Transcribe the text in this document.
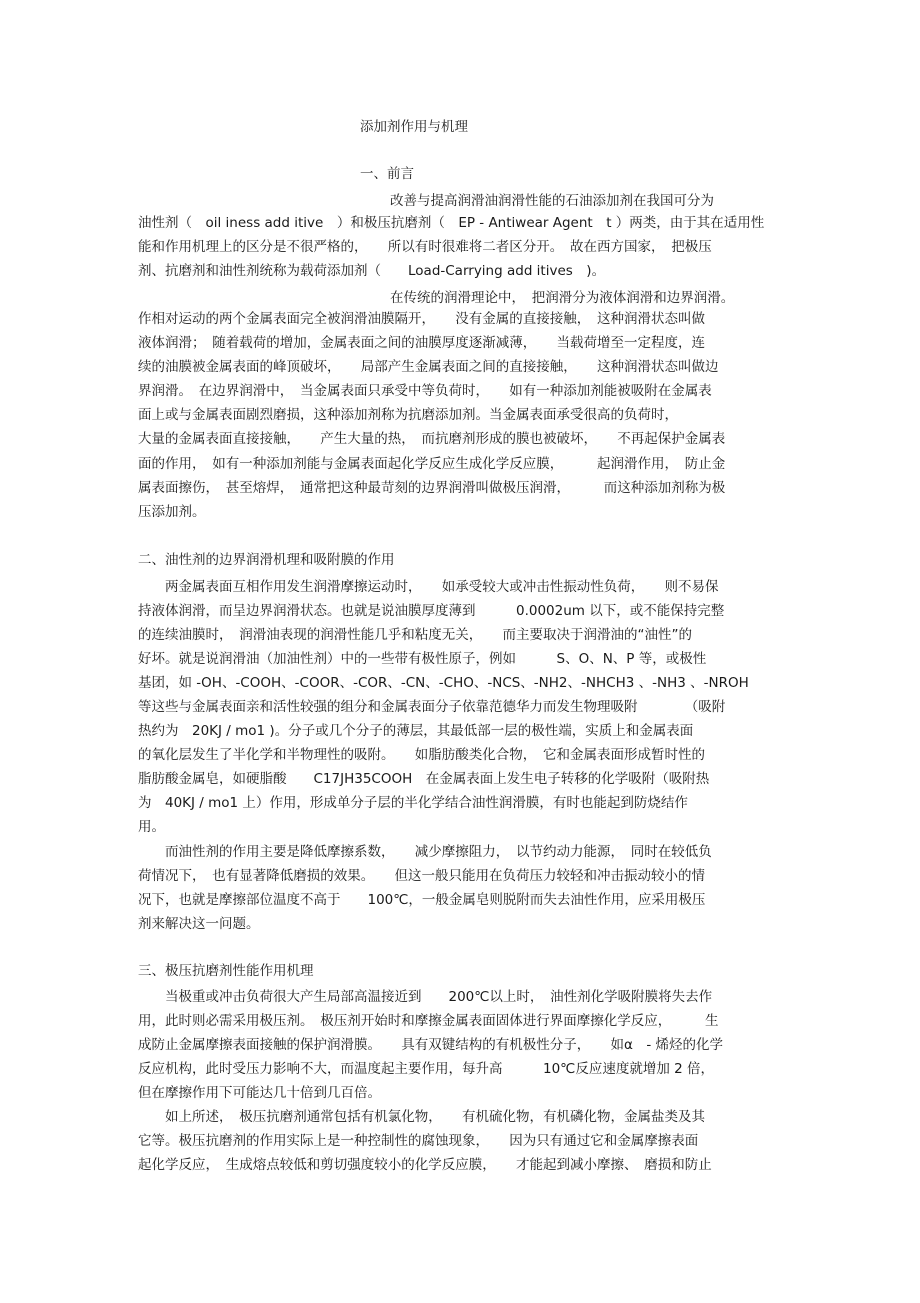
添加剂作用与机理
一、前言

改善与提高润滑油润滑性能的石油添加剂在我国可分为

油性剂（　oil iness add itive　）和极压抗磨剂（　EP - Antiwear Agent　t ）两类，由于其在适用性

能和作用机理上的区分是不很严格的，　　所以有时很难将二者区分开。　故在西方国家，　把极压

剂、抗磨剂和油性剂统称为载荷添加剂（　　Load-Carrying add itives　)。

在传统的润滑理论中，　把润滑分为液体润滑和边界润滑。

作相对运动的两个金属表面完全被润滑油膜隔开，　　没有金属的直接接触，　这种润滑状态叫做

液体润滑；　随着载荷的增加，金属表面之间的油膜厚度逐渐减薄，　　当载荷增至一定程度，连

续的油膜被金属表面的峰顶破坏，　　局部产生金属表面之间的直接接触，　　这种润滑状态叫做边

界润滑。　在边界润滑中，　当金属表面只承受中等负荷时，　　如有一种添加剂能被吸附在金属表

面上或与金属表面剧烈磨损，这种添加剂称为抗磨添加剂。当金属表面承受很高的负荷时，

大量的金属表面直接接触，　　产生大量的热，　而抗磨剂形成的膜也被破坏，　　不再起保护金属表

面的作用，　如有一种添加剂能与金属表面起化学反应生成化学反应膜，　　　起润滑作用，　防止金

属表面擦伤，　甚至熔焊，　通常把这种最苛刻的边界润滑叫做极压润滑，　　　而这种添加剂称为极

压添加剂。

二、油性剂的边界润滑机理和吸附膜的作用

　　两金属表面互相作用发生润滑摩擦运动时，　　如承受较大或冲击性振动性负荷，　　则不易保

持液体润滑，而呈边界润滑状态。也就是说油膜厚度薄到　　　0.0002um 以下，或不能保持完整

的连续油膜时，　润滑油表现的润滑性能几乎和粘度无关，　　而主要取决于润滑油的“油性”的

好坏。就是说润滑油（加油性剂）中的一些带有极性原子，例如　　　S、O、N、P 等，或极性

基团，如 -OH、-COOH、-COOR、-COR、-CN、-CHO、-NCS、-NH2、-NHCH3 、-NH3 、-NROH

等这些与金属表面亲和活性较强的组分和金属表面分子依靠范德华力而发生物理吸附　　　　（吸附

热约为　20KJ / mo1 )。分子或几个分子的薄层，其最低部一层的极性端，实质上和金属表面

的氧化层发生了半化学和半物理性的吸附。　　如脂肪酸类化合物，　它和金属表面形成暂时性的

脂肪酸金属皂，如硬脂酸　　C17JH35COOH　在金属表面上发生电子转移的化学吸附（吸附热

为　40KJ / mo1 上）作用，形成单分子层的半化学结合油性润滑膜，有时也能起到防烧结作

用。

　　而油性剂的作用主要是降低摩擦系数，　　减少摩擦阻力，　以节约动力能源，　同时在较低负

荷情况下，　也有显著降低磨损的效果。　　但这一般只能用在负荷压力较轻和冲击振动较小的情

况下，也就是摩擦部位温度不高于　　100℃，一般金属皂则脱附而失去油性作用，应采用极压

剂来解决这一问题。

三、极压抗磨剂性能作用机理

　　当极重或冲击负荷很大产生局部高温接近到　　200℃以上时，　油性剂化学吸附膜将失去作

用，此时则必需采用极压剂。　极压剂开始时和摩擦金属表面固体进行界面摩擦化学反应，　　　生

成防止金属摩擦表面接触的保护润滑膜。　　具有双键结构的有机极性分子，　　如α　- 烯烃的化学

反应机构，此时受压力影响不大，而温度起主要作用，每升高　　　10℃反应速度就增加 2 倍，

但在摩擦作用下可能达几十倍到几百倍。

　　如上所述，　极压抗磨剂通常包括有机氯化物，　　有机硫化物，有机磷化物，金属盐类及其

它等。极压抗磨剂的作用实际上是一种控制性的腐蚀现象，　　因为只有通过它和金属摩擦表面

起化学反应，　生成熔点较低和剪切强度较小的化学反应膜，　　才能起到减小摩擦、　磨损和防止
